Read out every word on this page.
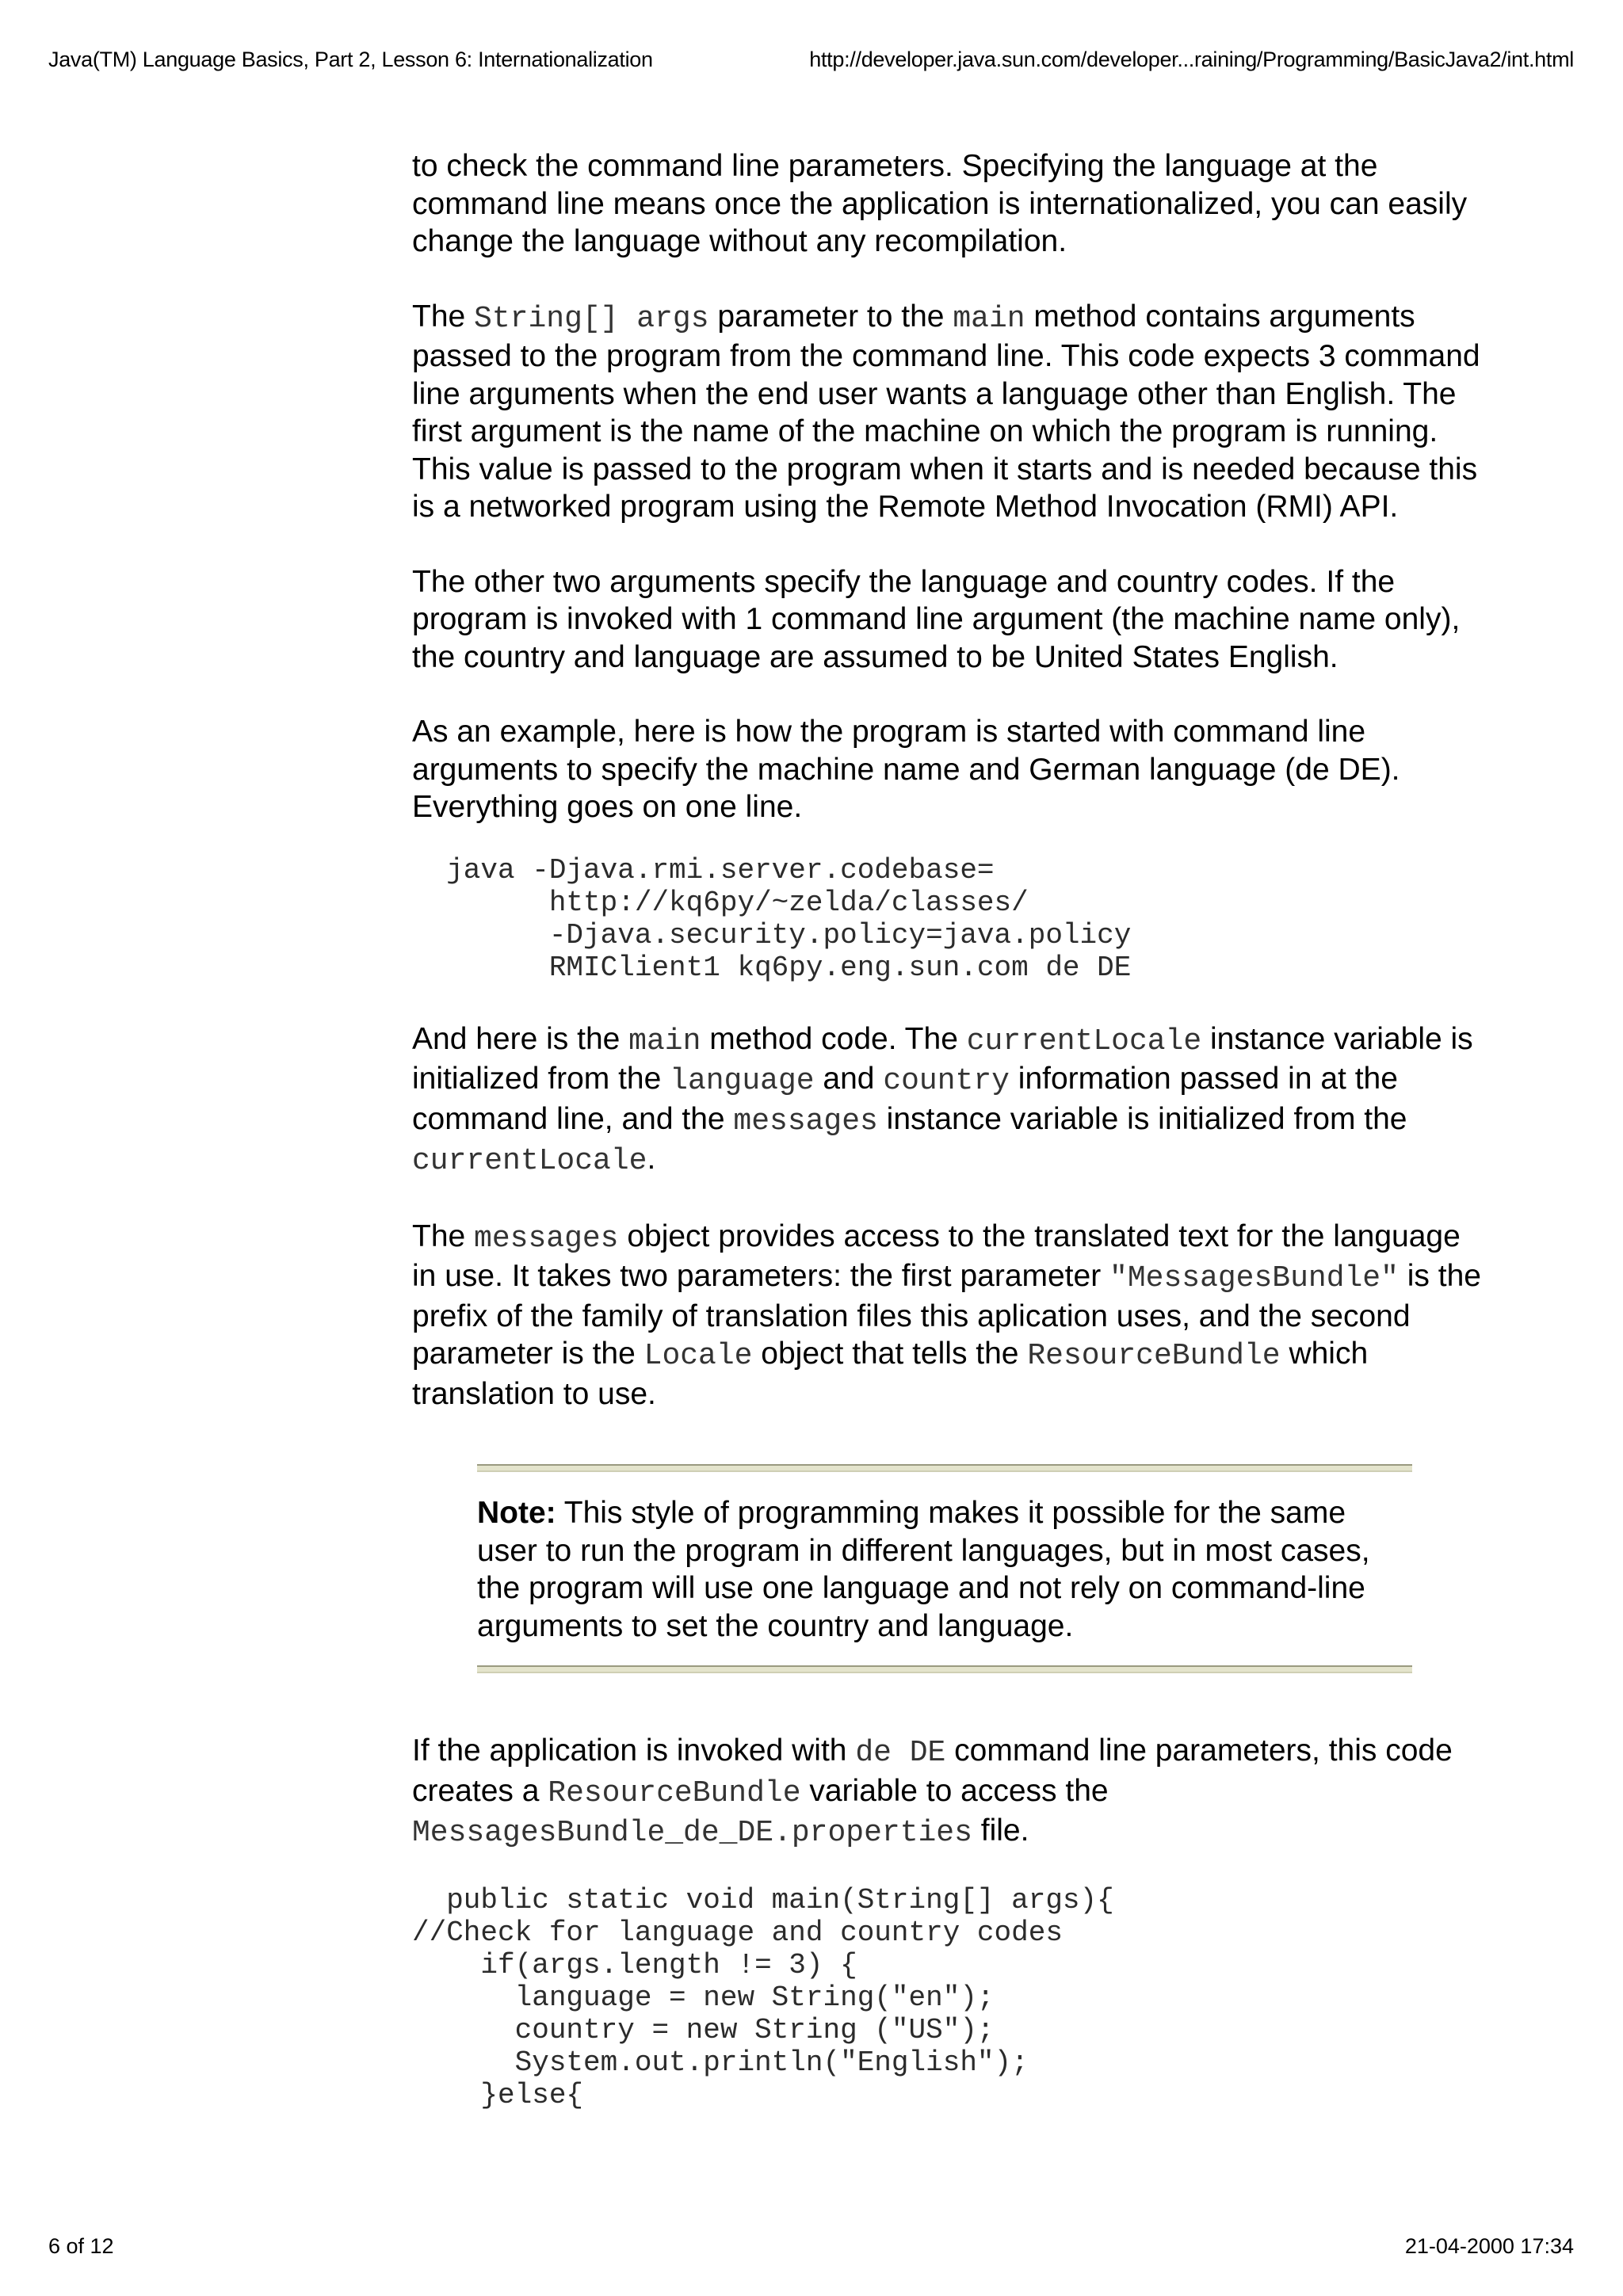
Java(TM) Language Basics, Part 2, Lesson 6: Internationalization	http://developer.java.sun.com/developer...raining/Programming/BasicJava2/int.html

to check the command line parameters. Specifying the language at the command line means once the application is internationalized, you can easily change the language without any recompilation.

The String[] args parameter to the main method contains arguments passed to the program from the command line. This code expects 3 command line arguments when the end user wants a language other than English. The first argument is the name of the machine on which the program is running. This value is passed to the program when it starts and is needed because this is a networked program using the Remote Method Invocation (RMI) API.

The other two arguments specify the language and country codes. If the program is invoked with 1 command line argument (the machine name only), the country and language are assumed to be United States English.

As an example, here is how the program is started with command line arguments to specify the machine name and German language (de DE). Everything goes on one line.

java -Djava.rmi.server.codebase=
http://kq6py/~zelda/classes/
-Djava.security.policy=java.policy
RMIClient1 kq6py.eng.sun.com de DE

And here is the main method code. The currentLocale instance variable is initialized from the language and country information passed in at the command line, and the messages instance variable is initialized from the currentLocale.

The messages object provides access to the translated text for the language in use. It takes two parameters: the first parameter "MessagesBundle" is the prefix of the family of translation files this aplication uses, and the second parameter is the Locale object that tells the ResourceBundle which translation to use.

Note: This style of programming makes it possible for the same user to run the program in different languages, but in most cases, the program will use one language and not rely on command-line arguments to set the country and language.

If the application is invoked with de DE command line parameters, this code creates a ResourceBundle variable to access the MessagesBundle_de_DE.properties file.

public static void main(String[] args){
//Check for language and country codes
if(args.length != 3) {
language = new String("en");
country = new String ("US");
System.out.println("English");
}else{
6 of 12	21-04-2000 17:34
